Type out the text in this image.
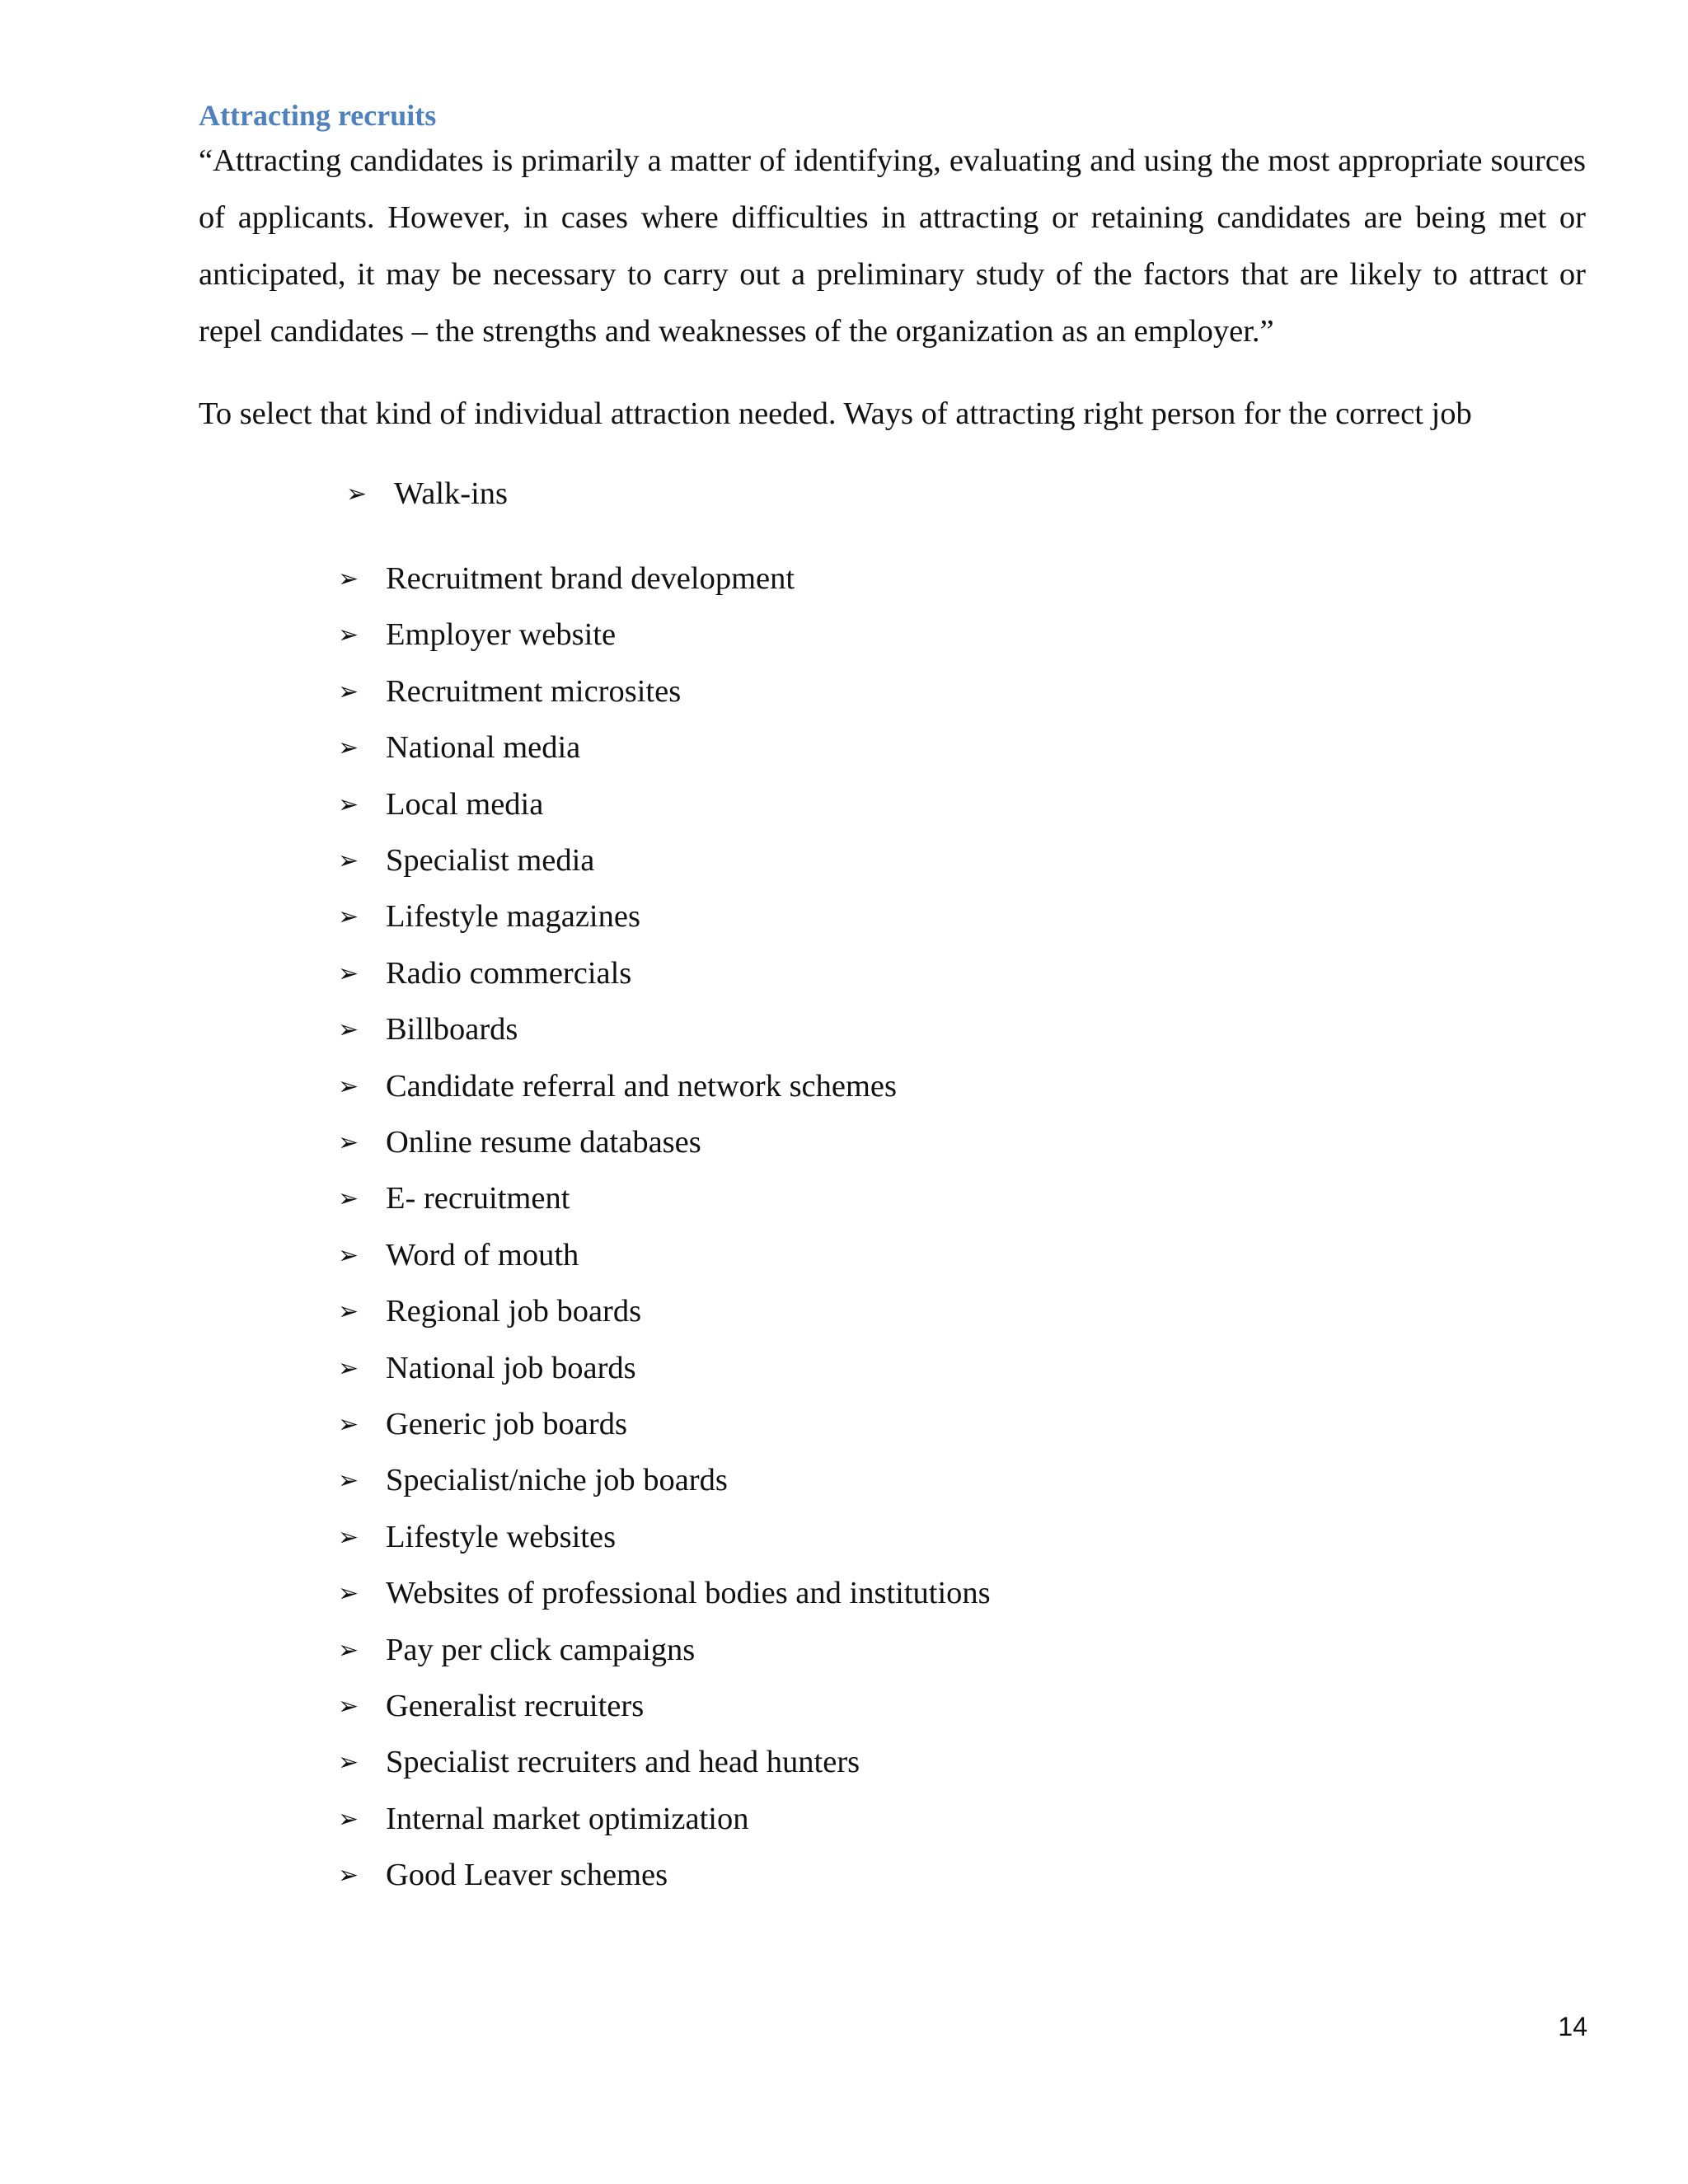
Attracting recruits

“Attracting candidates is primarily a matter of identifying, evaluating and using the most appropriate sources of applicants. However, in cases where difficulties in attracting or retaining candidates are being met or anticipated, it may be necessary to carry out a preliminary study of the factors that are likely to attract or repel candidates – the strengths and weaknesses of the organization as an employer.”

To select that kind of individual attraction needed. Ways of attracting right person for the correct job

➢ Walk-ins
➢ Recruitment brand development
➢ Employer website
➢ Recruitment microsites
➢ National media
➢ Local media
➢ Specialist media
➢ Lifestyle magazines
➢ Radio commercials
➢ Billboards
➢ Candidate referral and network schemes
➢ Online resume databases
➢ E- recruitment
➢ Word of mouth
➢ Regional job boards
➢ National job boards
➢ Generic job boards
➢ Specialist/niche job boards
➢ Lifestyle websites
➢ Websites of professional bodies and institutions
➢ Pay per click campaigns
➢ Generalist recruiters
➢ Specialist recruiters and head hunters
➢ Internal market optimization
➢ Good Leaver schemes
14
